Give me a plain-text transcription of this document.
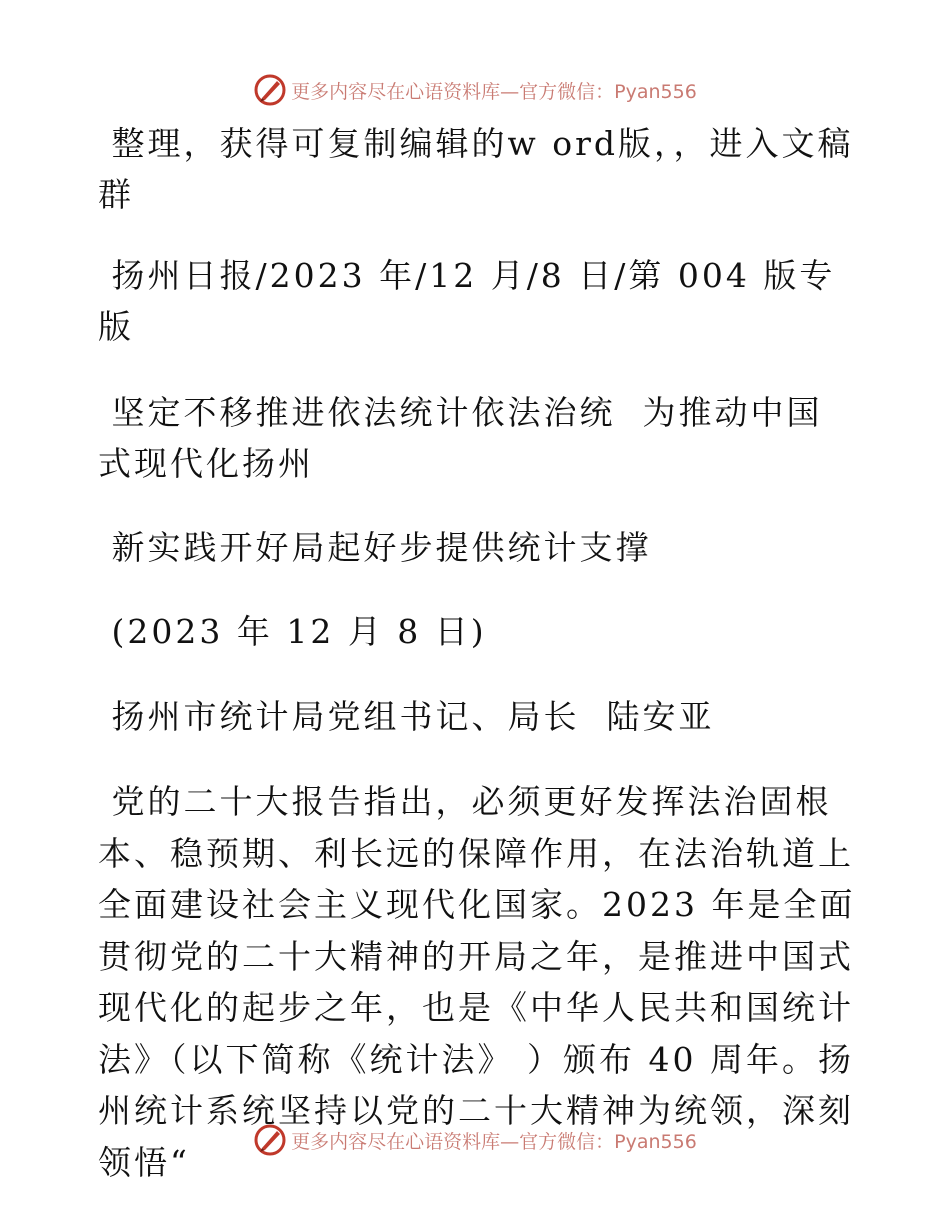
更多内容尽在心语资料库—官方微信：Pyan556

整理，获得可复制编辑的w ord版，，进入文稿群

扬州日报/2023 年/12 月/8 日/第 004 版专版

坚定不移推进依法统计依法治统  为推动中国式现代化扬州

新实践开好局起好步提供统计支撑

(2023 年 12 月 8 日)

扬州市统计局党组书记、局长  陆安亚

党的二十大报告指出，必须更好发挥法治固根本、稳预期、利长远的保障作用，在法治轨道上全面建设社会主义现代化国家。2023 年是全面贯彻党的二十大精神的开局之年，是推进中国式现代化的起步之年，也是《中华人民共和国统计法》（以下简称《统计法》 ）颁布 40 周年。扬州统计系统坚持以党的二十大精神为统领，深刻领悟“

更多内容尽在心语资料库—官方微信：Pyan556
